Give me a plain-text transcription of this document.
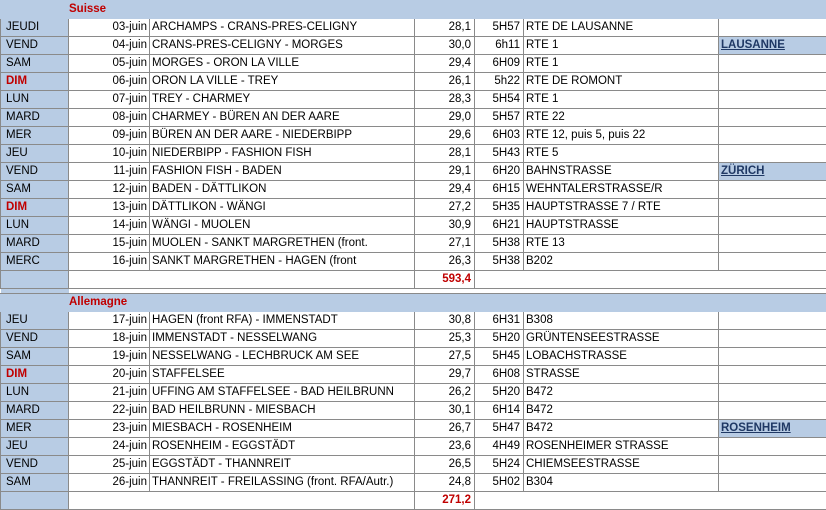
Suisse						
JEUDI	03-juin	ARCHAMPS - CRANS-PRES-CELIGNY	28,1	5H57	RTE DE LAUSANNE	
VEND	04-juin	CRANS-PRES-CELIGNY - MORGES	30,0	6h11	RTE 1	LAUSANNE
SAM	05-juin	MORGES - ORON LA VILLE	29,4	6H09	RTE 1	
DIM	06-juin	ORON LA VILLE - TREY	26,1	5h22	RTE DE ROMONT	
LUN	07-juin	TREY - CHARMEY	28,3	5H54	RTE 1	
MARD	08-juin	CHARMEY - BÜREN AN DER AARE	29,0	5H57	RTE 22	
MER	09-juin	BÜREN AN DER AARE - NIEDERBIPP	29,6	6H03	RTE 12, puis 5, puis 22	
JEU	10-juin	NIEDERBIPP - FASHION FISH	28,1	5H43	RTE 5	
VEND	11-juin	FASHION FISH - BADEN	29,1	6H20	BAHNSTRASSE	ZÜRICH
SAM	12-juin	BADEN - DÄTTLIKON	29,4	6H15	WEHNTALERSTRASSE/R	
DIM	13-juin	DÄTTLIKON - WÄNGI	27,2	5H35	HAUPTSTRASSE 7 / RTE	
LUN	14-juin	WÄNGI - MUOLEN	30,9	6H21	HAUPTSTRASSE	
MARD	15-juin	MUOLEN - SANKT MARGRETHEN (front.	27,1	5H38	RTE 13	
MERC	16-juin	SANKT MARGRETHEN - HAGEN (front	26,3	5H38	B202	
			593,4			

Allemagne						
JEU	17-juin	HAGEN (front RFA) - IMMENSTADT	30,8	6H31	B308	
VEND	18-juin	IMMENSTADT - NESSELWANG	25,3	5H20	GRÜNTENSEESTRASSE	
SAM	19-juin	NESSELWANG - LECHBRUCK AM SEE	27,5	5H45	LOBACHSTRASSE	
DIM	20-juin	STAFFELSEE	29,7	6H08	STRASSE	
LUN	21-juin	UFFING AM STAFFELSEE - BAD HEILBRUNN	26,2	5H20	B472	
MARD	22-juin	BAD HEILBRUNN - MIESBACH	30,1	6H14	B472	
MER	23-juin	MIESBACH - ROSENHEIM	26,7	5H47	B472	ROSENHEIM
JEU	24-juin	ROSENHEIM - EGGSTÄDT	23,6	4H49	ROSENHEIMER STRASSE	
VEND	25-juin	EGGSTÄDT - THANNREIT	26,5	5H24	CHIEMSEESTRASSE	
SAM	26-juin	THANNREIT - FREILASSING (front. RFA/Autr.)	24,8	5H02	B304	
			271,2			
